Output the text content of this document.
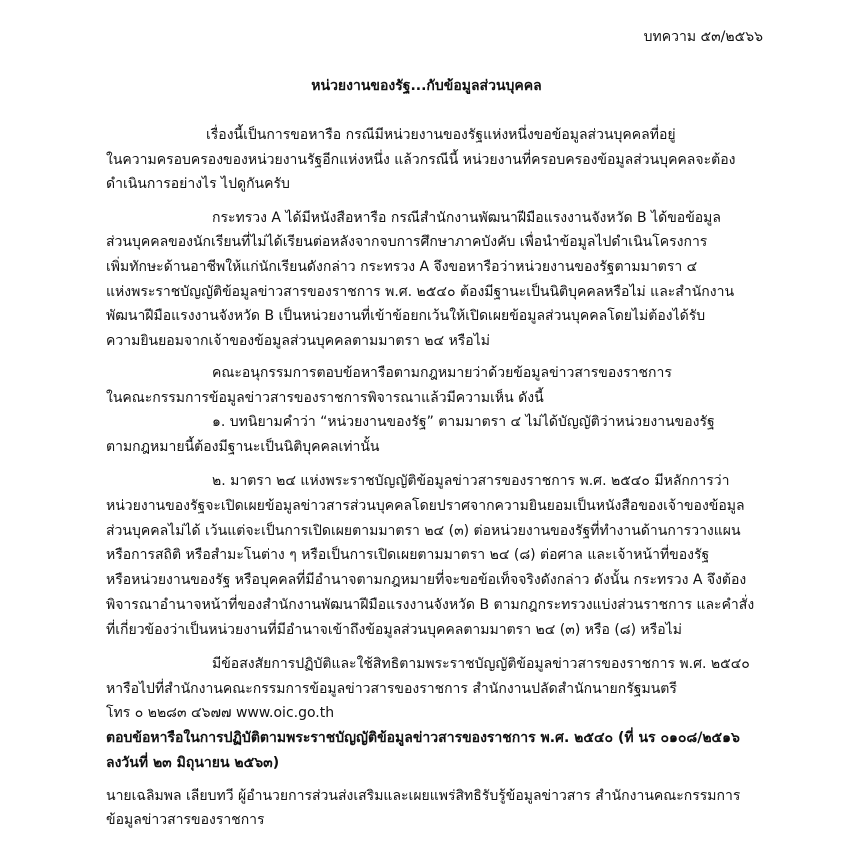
บทความ ๕๓/๒๕๖๖
หน่วยงานของรัฐ...กับข้อมูลส่วนบุคคล
เรื่องนี้เป็นการขอหารือ กรณีมีหน่วยงานของรัฐแห่งหนึ่งขอข้อมูลส่วนบุคคลที่อยู่
ในความครอบครองของหน่วยงานรัฐอีกแห่งหนึ่ง แล้วกรณีนี้ หน่วยงานที่ครอบครองข้อมูลส่วนบุคคลจะต้อง
ดำเนินการอย่างไร ไปดูกันครับ
กระทรวง A ได้มีหนังสือหารือ กรณีสำนักงานพัฒนาฝีมือแรงงานจังหวัด B ได้ขอข้อมูล
ส่วนบุคคลของนักเรียนที่ไม่ได้เรียนต่อหลังจากจบการศึกษาภาคบังคับ เพื่อนำข้อมูลไปดำเนินโครงการ
เพิ่มทักษะด้านอาชีพให้แก่นักเรียนดังกล่าว กระทรวง A จึงขอหารือว่าหน่วยงานของรัฐตามมาตรา ๔
แห่งพระราชบัญญัติข้อมูลข่าวสารของราชการ พ.ศ. ๒๕๔๐ ต้องมีฐานะเป็นนิติบุคคลหรือไม่ และสำนักงาน
พัฒนาฝีมือแรงงานจังหวัด B เป็นหน่วยงานที่เข้าข้อยกเว้นให้เปิดเผยข้อมูลส่วนบุคคลโดยไม่ต้องได้รับ
ความยินยอมจากเจ้าของข้อมูลส่วนบุคคลตามมาตรา ๒๔ หรือไม่
คณะอนุกรรมการตอบข้อหารือตามกฎหมายว่าด้วยข้อมูลข่าวสารของราชการ
ในคณะกรรมการข้อมูลข่าวสารของราชการพิจารณาแล้วมีความเห็น ดังนี้
๑. บทนิยามคำว่า “หน่วยงานของรัฐ” ตามมาตรา ๔ ไม่ได้บัญญัติว่าหน่วยงานของรัฐ
ตามกฎหมายนี้ต้องมีฐานะเป็นนิติบุคคลเท่านั้น
๒. มาตรา ๒๔ แห่งพระราชบัญญัติข้อมูลข่าวสารของราชการ พ.ศ. ๒๕๔๐ มีหลักการว่า
หน่วยงานของรัฐจะเปิดเผยข้อมูลข่าวสารส่วนบุคคลโดยปราศจากความยินยอมเป็นหนังสือของเจ้าของข้อมูล
ส่วนบุคคลไม่ได้ เว้นแต่จะเป็นการเปิดเผยตามมาตรา ๒๔ (๓) ต่อหน่วยงานของรัฐที่ทำงานด้านการวางแผน
หรือการสถิติ หรือสำมะโนต่าง ๆ หรือเป็นการเปิดเผยตามมาตรา ๒๔ (๘) ต่อศาล และเจ้าหน้าที่ของรัฐ
หรือหน่วยงานของรัฐ หรือบุคคลที่มีอำนาจตามกฎหมายที่จะขอข้อเท็จจริงดังกล่าว ดังนั้น กระทรวง A จึงต้อง
พิจารณาอำนาจหน้าที่ของสำนักงานพัฒนาฝีมือแรงงานจังหวัด B ตามกฎกระทรวงแบ่งส่วนราชการ และคำสั่ง
ที่เกี่ยวข้องว่าเป็นหน่วยงานที่มีอำนาจเข้าถึงข้อมูลส่วนบุคคลตามมาตรา ๒๔ (๓) หรือ (๘) หรือไม่
มีข้อสงสัยการปฏิบัติและใช้สิทธิตามพระราชบัญญัติข้อมูลข่าวสารของราชการ พ.ศ. ๒๕๔๐
หารือไปที่สำนักงานคณะกรรมการข้อมูลข่าวสารของราชการ สำนักงานปลัดสำนักนายกรัฐมนตรี
โทร ๐ ๒๒๘๓ ๔๖๗๗ www.oic.go.th
ตอบข้อหารือในการปฏิบัติตามพระราชบัญญัติข้อมูลข่าวสารของราชการ พ.ศ. ๒๕๔๐ (ที่ นร ๐๑๐๘/๒๕๑๖
ลงวันที่ ๒๓ มิถุนายน ๒๕๖๓)
นายเฉลิมพล เลียบทวี ผู้อำนวยการส่วนส่งเสริมและเผยแพร่สิทธิรับรู้ข้อมูลข่าวสาร สำนักงานคณะกรรมการ
ข้อมูลข่าวสารของราชการ
